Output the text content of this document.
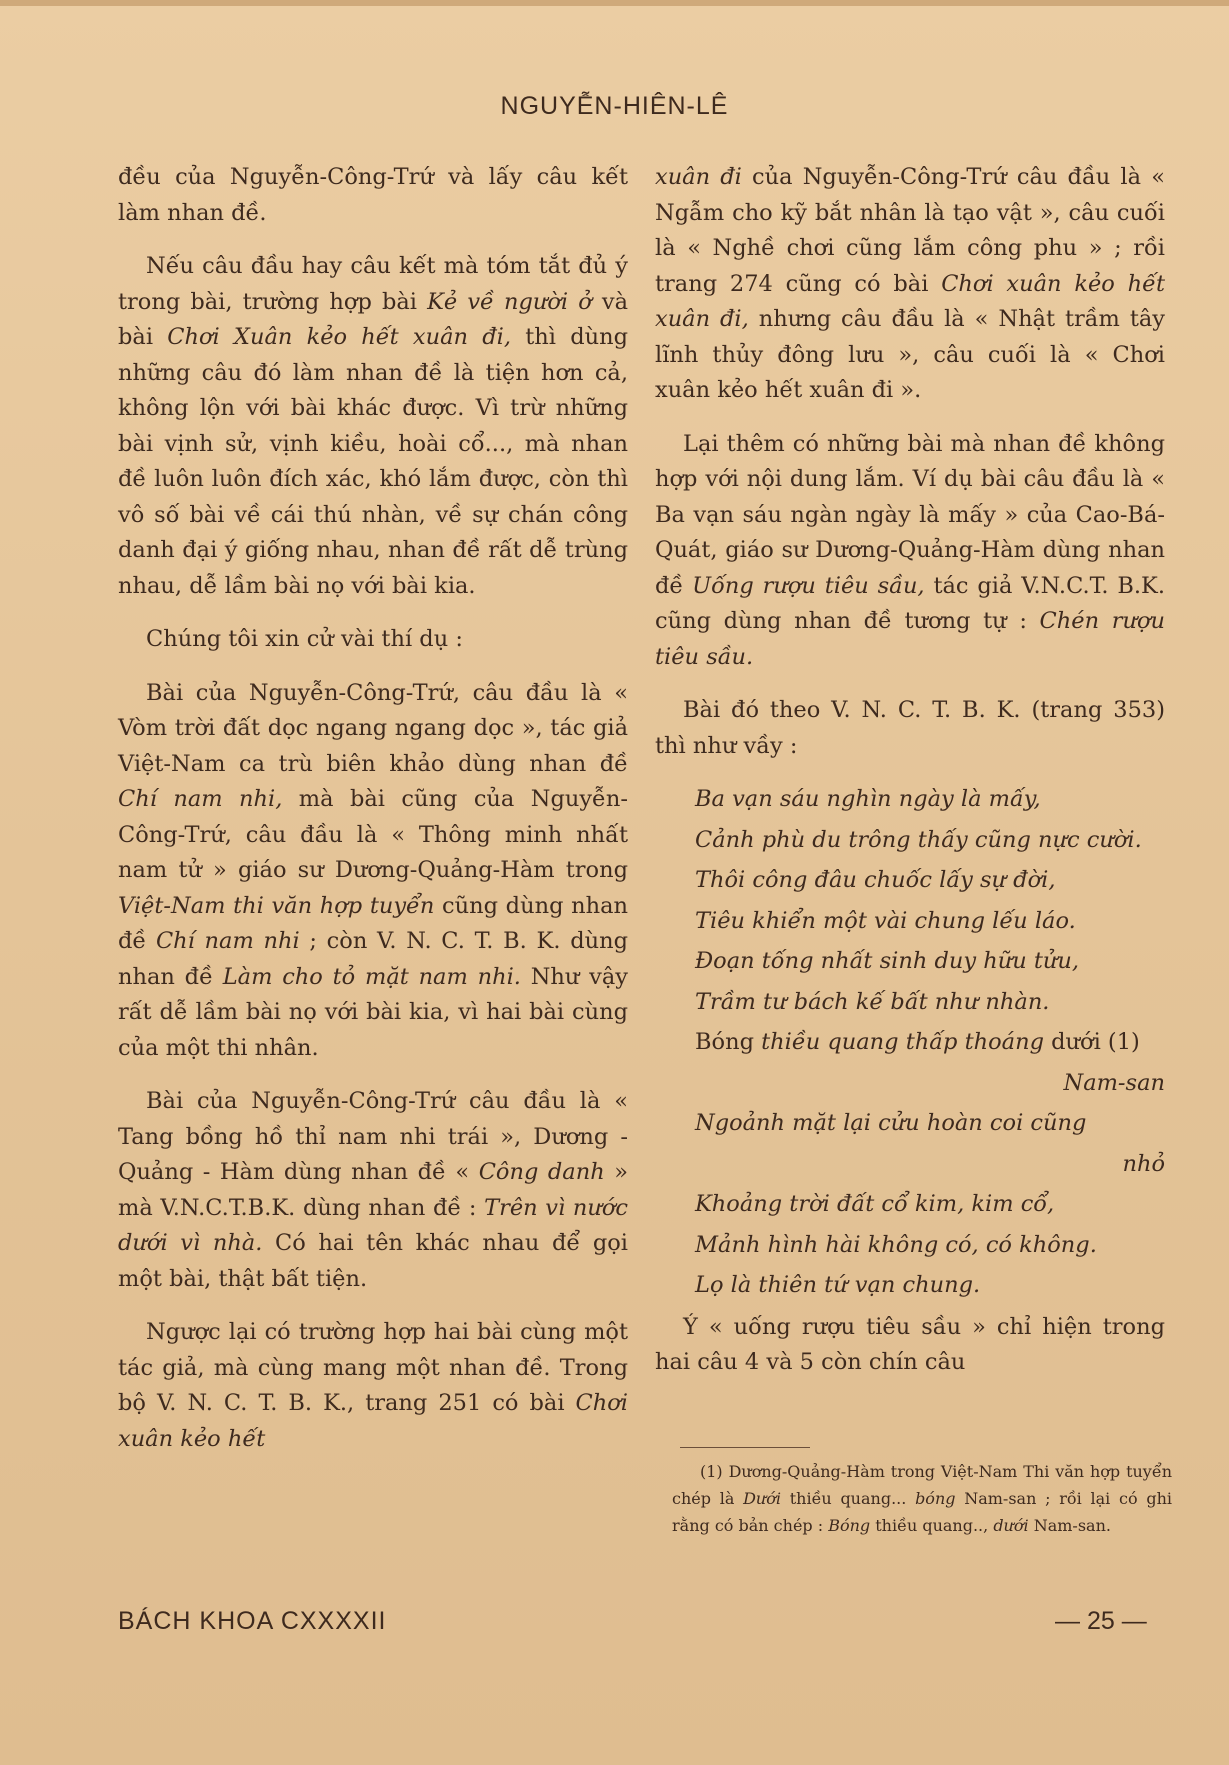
NGUYỄN-HIÊN-LÊ

đều của Nguyễn-Công-Trứ và lấy câu kết làm nhan đề.

Nếu câu đầu hay câu kết mà tóm tắt đủ ý trong bài, trường hợp bài Kẻ về người ở và bài Chơi Xuân kẻo hết xuân đi, thì dùng những câu đó làm nhan đề là tiện hơn cả, không lộn với bài khác được. Vì trừ những bài vịnh sử, vịnh kiều, hoài cổ..., mà nhan đề luôn luôn đích xác, khó lắm được, còn thì vô số bài về cái thú nhàn, về sự chán công danh đại ý giống nhau, nhan đề rất dễ trùng nhau, dễ lầm bài nọ với bài kia.

Chúng tôi xin cử vài thí dụ :

Bài của Nguyễn-Công-Trứ, câu đầu là « Vòm trời đất dọc ngang ngang dọc », tác giả Việt-Nam ca trù biên khảo dùng nhan đề Chí nam nhi, mà bài cũng của Nguyễn-Công-Trứ, câu đầu là « Thông minh nhất nam tử » giáo sư Dương-Quảng-Hàm trong Việt-Nam thi văn hợp tuyển cũng dùng nhan đề Chí nam nhi ; còn V. N. C. T. B. K. dùng nhan đề Làm cho tỏ mặt nam nhi. Như vậy rất dễ lầm bài nọ với bài kia, vì hai bài cùng của một thi nhân.

Bài của Nguyễn-Công-Trứ câu đầu là « Tang bồng hồ thỉ nam nhi trái », Dương - Quảng - Hàm dùng nhan đề « Công danh » mà V.N.C.T.B.K. dùng nhan đề : Trên vì nước dưới vì nhà. Có hai tên khác nhau để gọi một bài, thật bất tiện.

Ngược lại có trường hợp hai bài cùng một tác giả, mà cùng mang một nhan đề. Trong bộ V. N. C. T. B. K., trang 251 có bài Chơi xuân kẻo hết

xuân đi của Nguyễn-Công-Trứ câu đầu là « Ngẫm cho kỹ bắt nhân là tạo vật », câu cuối là « Nghề chơi cũng lắm công phu » ; rồi trang 274 cũng có bài Chơi xuân kẻo hết xuân đi, nhưng câu đầu là « Nhật trầm tây lĩnh thủy đông lưu », câu cuối là « Chơi xuân kẻo hết xuân đi ».

Lại thêm có những bài mà nhan đề không hợp với nội dung lắm. Ví dụ bài câu đầu là « Ba vạn sáu ngàn ngày là mấy » của Cao-Bá-Quát, giáo sư Dương-Quảng-Hàm dùng nhan đề Uống rượu tiêu sầu, tác giả V.N.C.T. B.K. cũng dùng nhan đề tương tự : Chén rượu tiêu sầu.

Bài đó theo V. N. C. T. B. K. (trang 353) thì như vầy :

Ba vạn sáu nghìn ngày là mấy,
Cảnh phù du trông thấy cũng nực cười.
Thôi công đâu chuốc lấy sự đời,
Tiêu khiển một vài chung lếu láo.
Đoạn tống nhất sinh duy hữu tửu,
Trầm tư bách kế bất như nhàn.
Bóng thiều quang thấp thoáng dưới (1)
Nam-san
Ngoảnh mặt lại cửu hoàn coi cũng
nhỏ
Khoảng trời đất cổ kim, kim cổ,
Mảnh hình hài không có, có không.
Lọ là thiên tứ vạn chung.

Ý « uống rượu tiêu sầu » chỉ hiện trong hai câu 4 và 5 còn chín câu

(1) Dương-Quảng-Hàm trong Việt-Nam Thi văn hợp tuyển chép là Dưới thiều quang... bóng Nam-san ; rồi lại có ghi rằng có bản chép : Bóng thiều quang.., dưới Nam-san.
BÁCH KHOA CXXXXII	— 25 —
